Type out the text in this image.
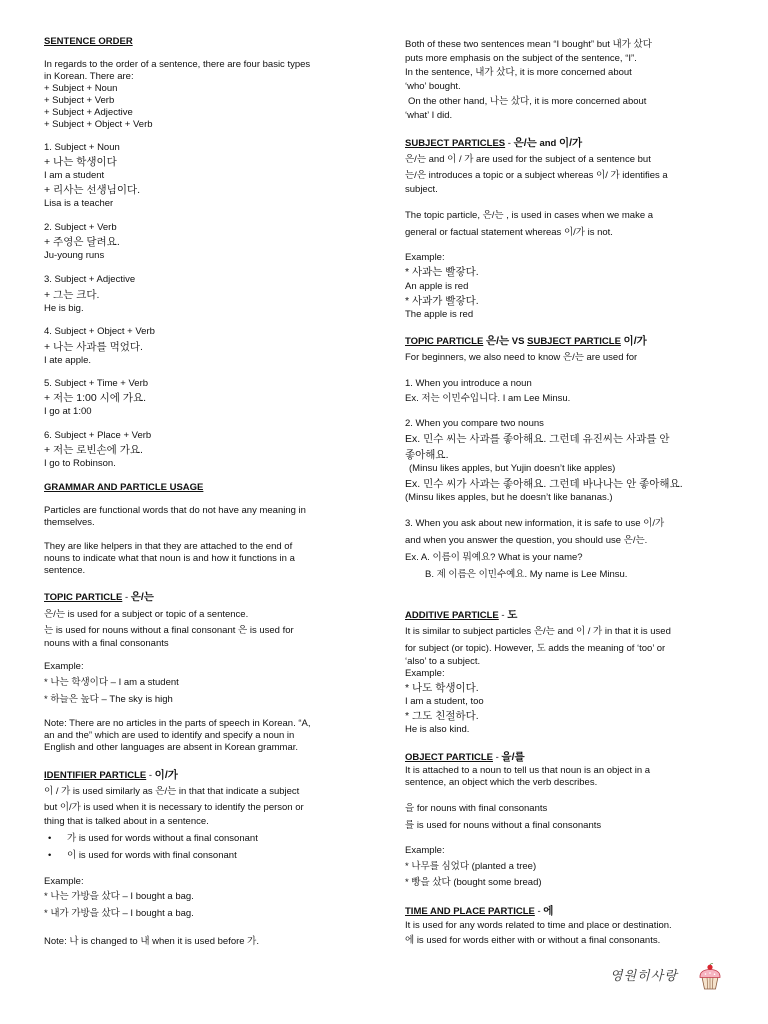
SENTENCE ORDER
In regards to the order of a sentence, there are four basic types
in Korean. There are:
+ Subject + Noun
+ Subject + Verb
+ Subject + Adjective
+ Subject + Object + Verb
1. Subject + Noun
+ 나는 학생이다
I am a student
+ 리사는 선생님이다.
Lisa is a teacher
2. Subject + Verb
+ 주영은 달려요.
Ju-young runs
3. Subject + Adjective
+ 그는 크다.
He is big.
4. Subject + Object + Verb
+ 나는 사과를 먹었다.
I ate apple.
5. Subject + Time + Verb
+ 저는 1:00 시에 가요.
I go at 1:00
6. Subject + Place + Verb
+ 저는 로빈손에 가요.
I go to Robinson.
GRAMMAR AND PARTICLE USAGE
Particles are functional words that do not have any meaning in
themselves.
They are like helpers in that they are attached to the end of
nouns to indicate what that noun is and how it functions in a
sentence.
TOPIC PARTICLE - 은/는
은/는 is used for a subject or topic of a sentence.
는 is used for nouns without a final consonant 은 is used for
nouns with a final consonants
Example:
* 나는 학생이다 – I am a student
* 하늘은 높다 – The sky is high
Note: There are no articles in the parts of speech in Korean. “A,
an and the” which are used to identify and specify a noun in
English and other languages are absent in Korean grammar.
IDENTIFIER PARTICLE - 이/가
이 / 가 is used similarly as 은/는 in that that indicate a subject
but 이/가 is used when it is necessary to identify the person or
thing that is talked about in a sentence.
• 가 is used for words without a final consonant
• 이 is used for words with final consonant
Example:
* 나는 가방을 샀다 – I bought a bag.
* 내가 가방을 샀다 – I bought a bag.
Note: 나 is changed to 내 when it is used before 가.
Both of these two sentences mean “I bought” but 내가 샀다
puts more emphasis on the subject of the sentence, “I”.
In the sentence, 내가 샀다, it is more concerned about
‘who’ bought.
On the other hand, 나는 샀다, it is more concerned about
‘what’ I did.
SUBJECT PARTICLES - 은/는 and 이/가
은/는 and 이 / 가 are used for the subject of a sentence but
는/은 introduces a topic or a subject whereas 이/ 가 identifies a
subject.
The topic particle, 은/는 , is used in cases when we make a
general or factual statement whereas 이/가 is not.
Example:
* 사과는 빨갛다.
An apple is red
* 사과가 빨갛다.
The apple is red
TOPIC PARTICLE 은/는 VS SUBJECT PARTICLE 이/가
For beginners, we also need to know 은/는 are used for
1. When you introduce a noun
Ex. 저는 이민수입니다. I am Lee Minsu.
2. When you compare two nouns
Ex. 민수 씨는 사과를 좋아해요. 그런데 유진씨는 사과를 안
좋아해요.
(Minsu likes apples, but Yujin doesn’t like apples)
Ex. 민수 씨가 사과는 좋아해요. 그런데 바나나는 안 좋아해요.
(Minsu likes apples, but he doesn’t like bananas.)
3. When you ask about new information, it is safe to use 이/가
and when you answer the question, you should use 은/는.
Ex. A. 이름이 뭐예요? What is your name?
B. 제 이름은 이민수예요. My name is Lee Minsu.
ADDITIVE PARTICLE - 도
It is similar to subject particles 은/는 and 이 / 가 in that it is used
for subject (or topic). However, 도 adds the meaning of ‘too’ or
‘also’ to a subject.
Example:
* 나도 학생이다.
I am a student, too
* 그도 친절하다.
He is also kind.
OBJECT PARTICLE - 을/를
It is attached to a noun to tell us that noun is an object in a
sentence, an object which the verb describes.
을 for nouns with final consonants
를 is used for nouns without a final consonants
Example:
* 나무를 심었다 (planted a tree)
* 빵을 샀다 (bought some bread)
TIME AND PLACE PARTICLE - 에
It is used for any words related to time and place or destination.
에 is used for words either with or without a final consonants.
영원히사랑
